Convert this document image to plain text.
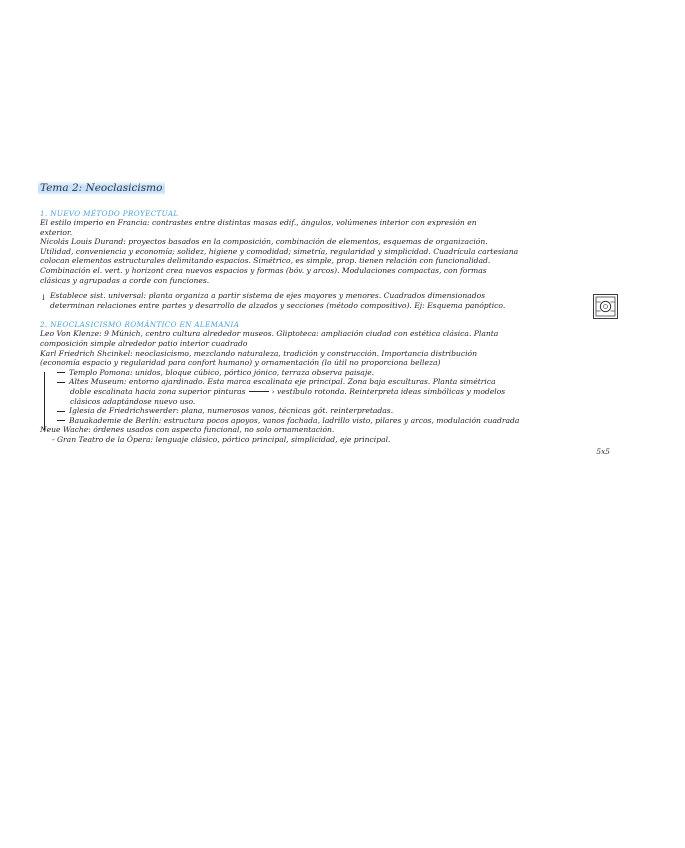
Tema 2: Neoclasicismo
1. NUEVO MÉTODO PROYECTUAL
El estilo imperio en Francia: contrastes entre distintas masas edif., ángulos, volúmenes interior con expresión en
exterior.
Nicolás Louis Durand: proyectos basados en la composición, combinación de elementos, esquemas de organización.
Utilidad, conveniencia y economía; solidez, higiene y comodidad; simetría, regularidad y simplicidad. Cuadrícula cartesiana
colocan elementos estructurales delimitando espacios. Simétrico, es simple, prop. tienen relación con funcionalidad.
Combinación el. vert. y horizont crea nuevos espacios y formas (bóv. y arcos). Modulaciones compactas, con formas
clásicas y agrupadas a corde con funciones.
↓ Establece sist. universal: planta organiza a partir sistema de ejes mayores y menores. Cuadrados dimensionados
determinan relaciones entre partes y desarrollo de alzados y secciones (método compositivo). Ej: Esquema panóptico.
2. NEOCLASICISMO ROMÁNTICO EN ALEMANIA
Leo Von Klenze: 9 Múnich, centro cultura alrededor museos. Gliptoteca: ampliación ciudad con estética clásica. Planta
composición simple alrededor patio interior cuadrado
Karl Friedrich Shcinkel: neoclasicismo, mezclando naturaleza, tradición y construcción. Importancia distribución
(economía espacio y regularidad para confort humano) y ornamentación (lo útil no proporciona belleza)
Templo Pomona: unidos, bloque cúbico, pórtico jónico, terraza observa paisaje.
Altes Museum: entorno ajardinado. Esta marca escalinata eje principal. Zona baja esculturas. Planta simétrica
doble escalinata hacia zona superior pinturas	› vestíbulo rotonda. Reinterpreta ideas simbólicas y modelos
clásicos adaptándose nuevo uso.
Iglesia de Friedrichswerder: plana, numerosos vanos, técnicas gót. reinterpretadas.
Bauakademie de Berlín: estructura pocos apoyos, vanos fachada, ladrillo visto, pilares y arcos, modulación cuadrada
Neue Wache: órdenes usados con aspecto funcional, no solo ornamentación.
- Gran Teatro de la Ópera: lenguaje clásico, pórtico principal, simplicidad, eje principal.
5x5
